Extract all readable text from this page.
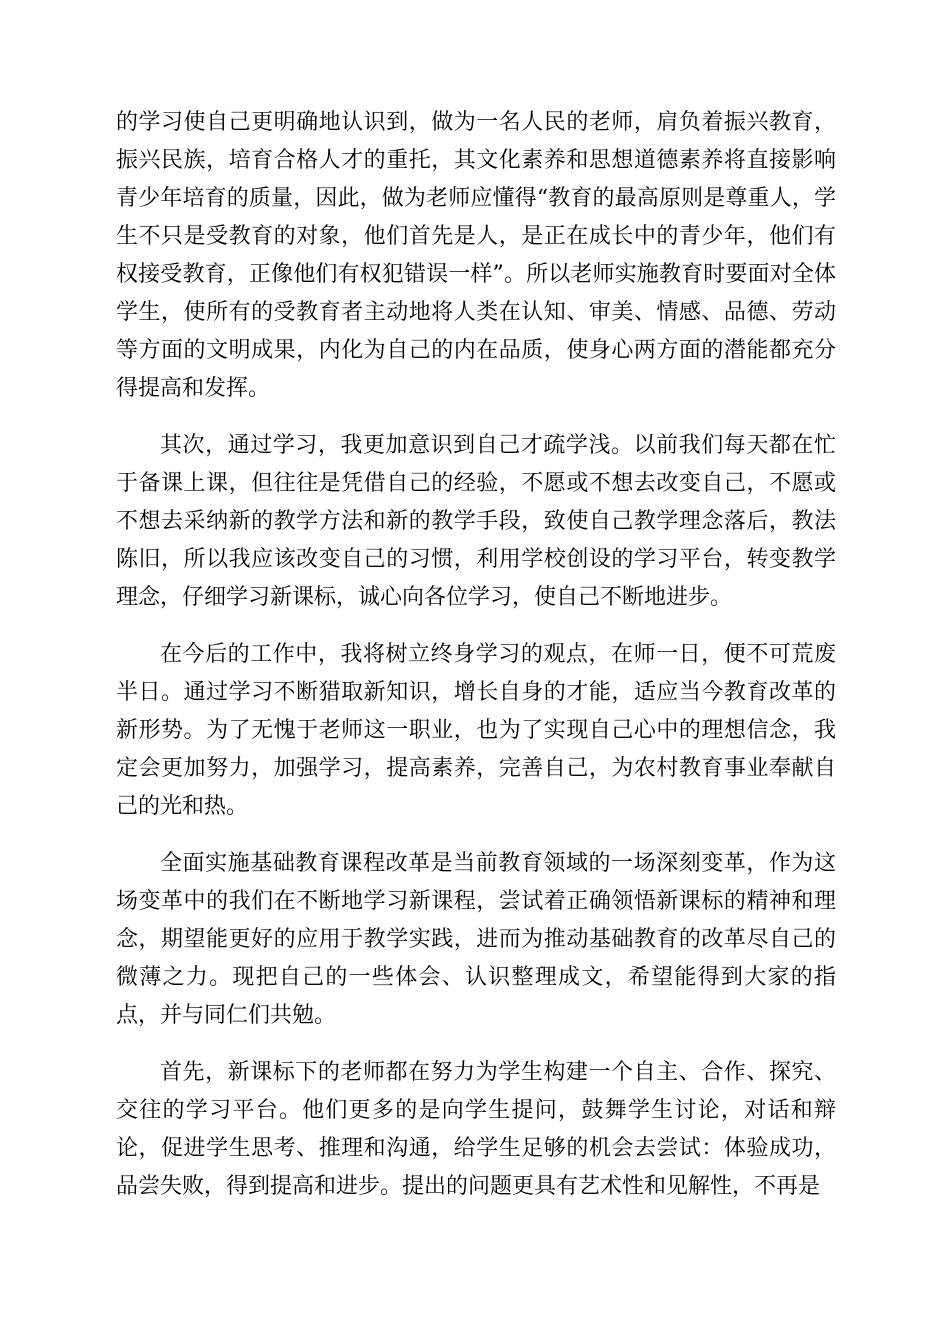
的学习使自己更明确地认识到，做为一名人民的老师，肩负着振兴教育，振兴民族，培育合格人才的重托，其文化素养和思想道德素养将直接影响青少年培育的质量，因此，做为老师应懂得“教育的最高原则是尊重人，学生不只是受教育的对象，他们首先是人，是正在成长中的青少年，他们有权接受教育，正像他们有权犯错误一样”。所以老师实施教育时要面对全体学生，使所有的受教育者主动地将人类在认知、审美、情感、品德、劳动等方面的文明成果，内化为自己的内在品质，使身心两方面的潜能都充分得提高和发挥。

其次，通过学习，我更加意识到自己才疏学浅。以前我们每天都在忙于备课上课，但往往是凭借自己的经验，不愿或不想去改变自己，不愿或不想去采纳新的教学方法和新的教学手段，致使自己教学理念落后，教法陈旧，所以我应该改变自己的习惯，利用学校创设的学习平台，转变教学理念，仔细学习新课标，诚心向各位学习，使自己不断地进步。

在今后的工作中，我将树立终身学习的观点，在师一日，便不可荒废半日。通过学习不断猎取新知识，增长自身的才能，适应当今教育改革的新形势。为了无愧于老师这一职业，也为了实现自己心中的理想信念，我定会更加努力，加强学习，提高素养，完善自己，为农村教育事业奉献自己的光和热。

全面实施基础教育课程改革是当前教育领域的一场深刻变革，作为这场变革中的我们在不断地学习新课程，尝试着正确领悟新课标的精神和理念，期望能更好的应用于教学实践，进而为推动基础教育的改革尽自己的微薄之力。现把自己的一些体会、认识整理成文，希望能得到大家的指点，并与同仁们共勉。

首先，新课标下的老师都在努力为学生构建一个自主、合作、探究、交往的学习平台。他们更多的是向学生提问，鼓舞学生讨论，对话和辩论，促进学生思考、推理和沟通，给学生足够的机会去尝试：体验成功，品尝失败，得到提高和进步。提出的问题更具有艺术性和见解性，不再是
